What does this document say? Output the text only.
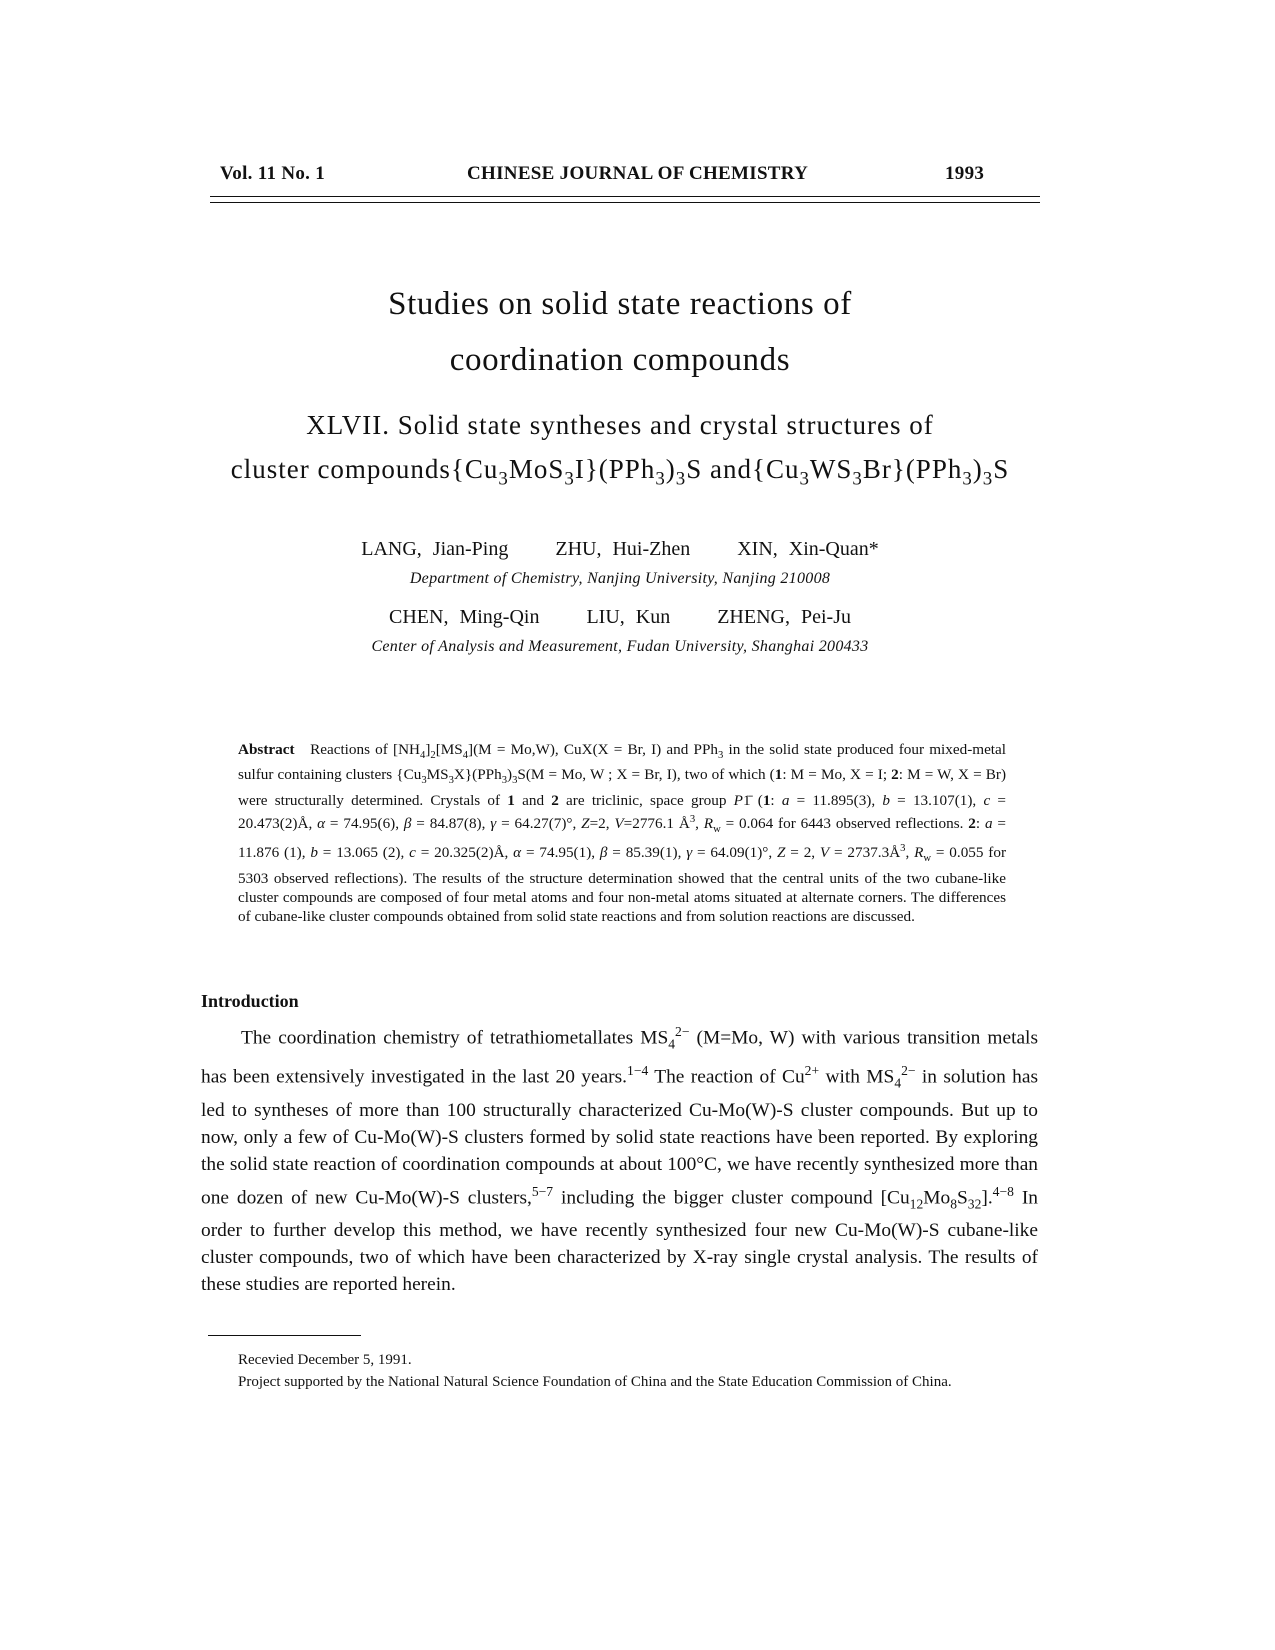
Vol. 11 No. 1	CHINESE JOURNAL OF CHEMISTRY	1993
Studies on solid state reactions of
coordination compounds
XLVII. Solid state syntheses and crystal structures of
cluster $compounds\{Cu_3MoS_3I\}(PPh_3)_3S$ $and\{Cu_3WS_3Br\}(PPh_3)_3S$
LANG, Jian-Ping ZHU, Hui-Zhen XIN, Xin-Quan*
Department of Chemistry, Nanjing University, Nanjing 210008
CHEN, Ming-Qin LIU, Kun ZHENG, Pei-Ju
Center of Analysis and Measurement, Fudan University, Shanghai 200433
Abstract   Reactions of $[NH_4]_2[MS_4](M = Mo,W)$, CuX(X = Br, I) and PPh$_3$ in the solid state produced four mixed-metal sulfur containing clusters $\{Cu_3MS_3X\}(PPh_3)_3S(M = Mo$, W ; X = Br, I), two of which (1: M = Mo, X = I; 2: M = W, X = Br) were structurally determined. Crystals of 1 and 2 are triclinic, space group P1̄ (1: a = 11.895(3), b = 13.107(1), c = 20.473(2)Å, α = 74.95(6), β = 84.87(8), γ = 64.27(7)°, Z=2, V=2776.1 $Å^3$, $R_w = 0.064$ for 6443 observed reflections. 2: a = 11.876 (1), b = 13.065 (2), c = 20.325(2)Å, α = 74.95(1), β = 85.39(1), γ = 64.09(1)°, Z = 2, $V = 2737.3Å^3$, $R_w = 0.055$ for 5303 observed reflections). The results of the structure determination showed that the central units of the two cubane-like cluster compounds are composed of four metal atoms and four non-metal atoms situated at alternate corners. The differences of cubane-like cluster compounds obtained from solid state reactions and from solution reactions are discussed.
Introduction
The coordination chemistry of tetrathiometallates $MS_4^{2-}$ (M=Mo, W) with various transition metals has been extensively investigated in the last 20 years.$^{1-4}$ The reaction of $Cu^{2+}$ with $MS_4^{2-}$ in solution has led to syntheses of more than 100 structurally characterized Cu-Mo(W)-S cluster compounds. But up to now, only a few of Cu-Mo(W)-S clusters formed by solid state reactions have been reported. By exploring the solid state reaction of coordination compounds at about 100°C, we have recently synthesized more than one dozen of new Cu-Mo(W)-S clusters,$^{5-7}$ including the bigger cluster compound $[Cu_{12}Mo_8S_{32}].^{4-8}$ In order to further develop this method, we have recently synthesized four new Cu-Mo(W)-S cubane-like cluster compounds, two of which have been characterized by X-ray single crystal analysis. The results of these studies are reported herein.
Recevied December 5, 1991.
Project supported by the National Natural Science Foundation of China and the State Education Commission of China.
